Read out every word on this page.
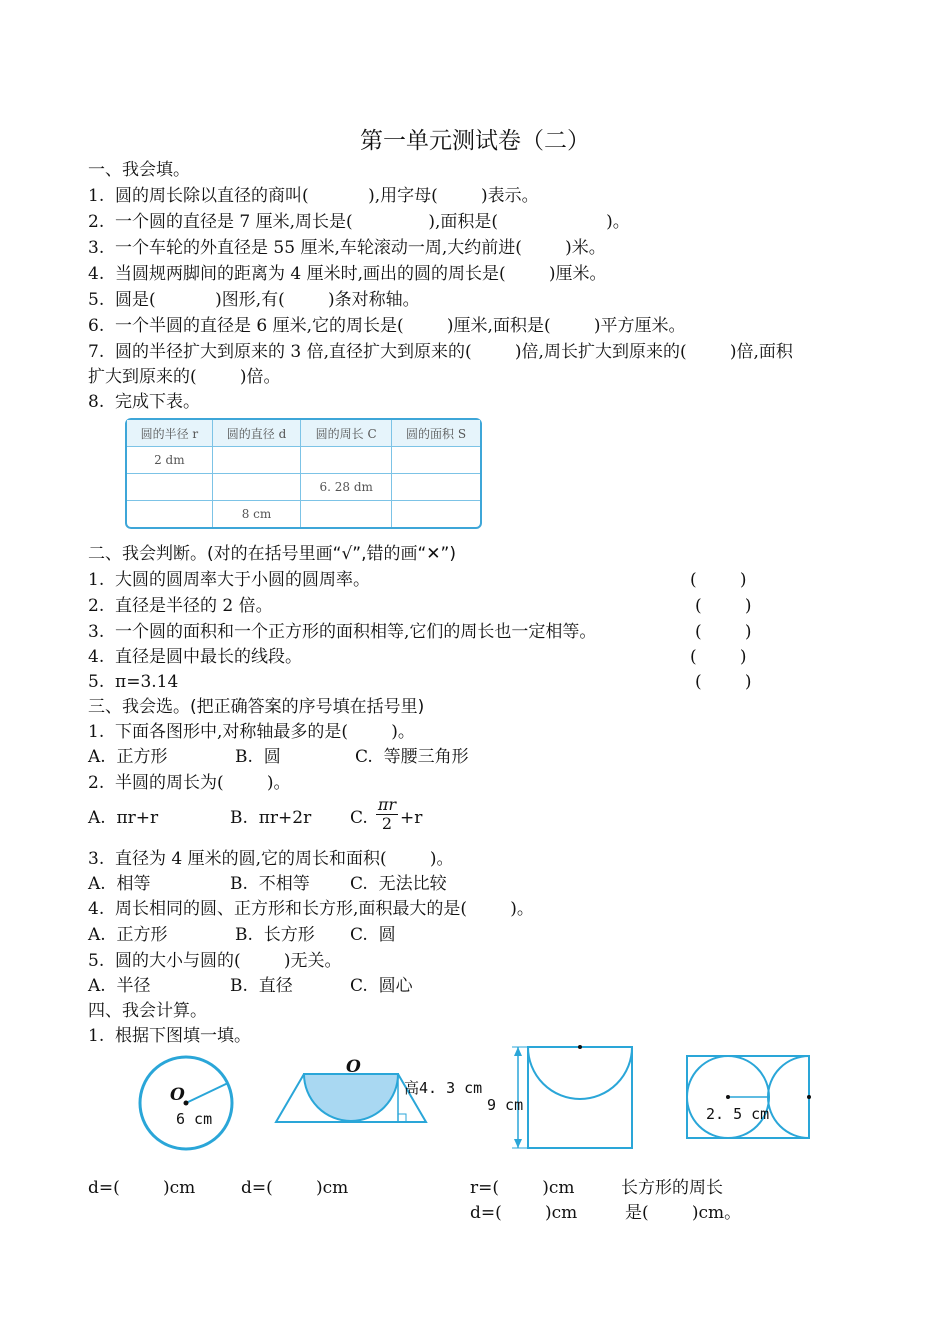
第一单元测试卷（二）
一、我会填。
1.  圆的周长除以直径的商叫(           ),用字母(        )表示。
2.  一个圆的直径是 7 厘米,周长是(              ),面积是(                    )。
3.  一个车轮的外直径是 55 厘米,车轮滚动一周,大约前进(        )米。
4.  当圆规两脚间的距离为 4 厘米时,画出的圆的周长是(        )厘米。
5.  圆是(           )图形,有(        )条对称轴。
6.  一个半圆的直径是 6 厘米,它的周长是(        )厘米,面积是(        )平方厘米。
7.  圆的半径扩大到原来的 3 倍,直径扩大到原来的(        )倍,周长扩大到原来的(        )倍,面积
扩大到原来的(        )倍。
8.  完成下表。
圆的半径 r	圆的直径 d	圆的周长 C	圆的面积 S
2 dm			
		6. 28 dm	
	8 cm		
二、我会判断。(对的在括号里画“√”,错的画“✕”)
1.  大圆的圆周率大于小圆的圆周率。	(        )
2.  直径是半径的 2 倍。	(        )
3.  一个圆的面积和一个正方形的面积相等,它们的周长也一定相等。	(        )
4.  直径是圆中最长的线段。	(        )
5.  π=3.14	(        )
三、我会选。(把正确答案的序号填在括号里)
1.  下面各图形中,对称轴最多的是(        )。
A.  正方形	B.  圆	C.  等腰三角形
2.  半圆的周长为(        )。
A.  πr+r	B.  πr+2r C. $\frac{\pi r}{2} +r$
3.  直径为 4 厘米的圆,它的周长和面积(        )。
A.  相等	B.  不相等 C.  无法比较
4.  周长相同的圆、正方形和长方形,面积最大的是(        )。
A.  正方形	B.  长方形 C.  圆
5.  圆的大小与圆的(        )无关。
A.  半径	B.  直径	C.  圆心
四、我会计算。
1.  根据下图填一填。
O
6 cm
O
高4. 3 cm
9 cm	2. 5 cm
d=(        )cm	d=(        )cm	r=(        )cm
d=(        )cm
长方形的周长
是(        )cm。
